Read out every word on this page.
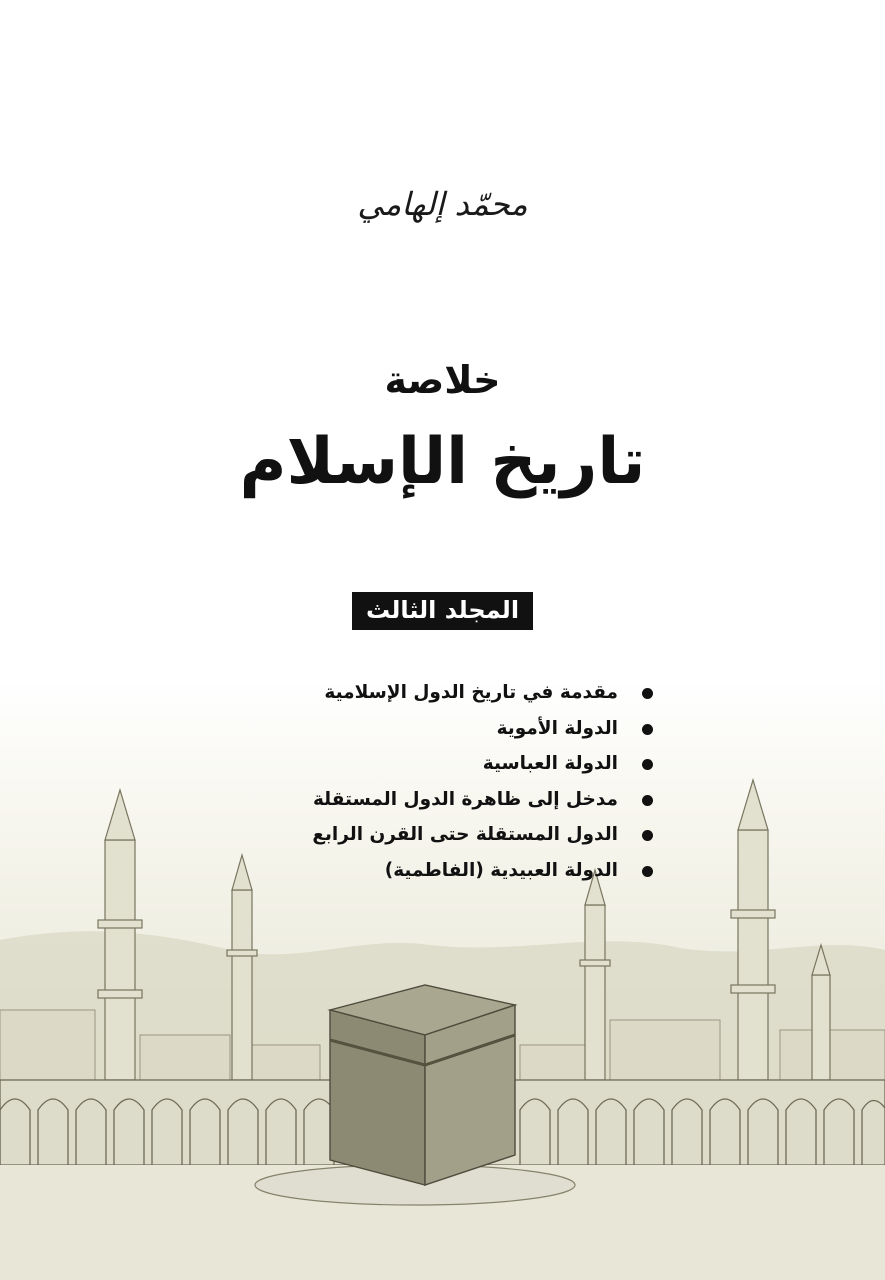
محمّد إلهامي
خلاصة
تاريخ الإسلام
المجلد الثالث
مقدمة في تاريخ الدول الإسلامية
الدولة الأموية
الدولة العباسية
مدخل إلى ظاهرة الدول المستقلة
الدول المستقلة حتى القرن الرابع
الدولة العبيدية (الفاطمية)
